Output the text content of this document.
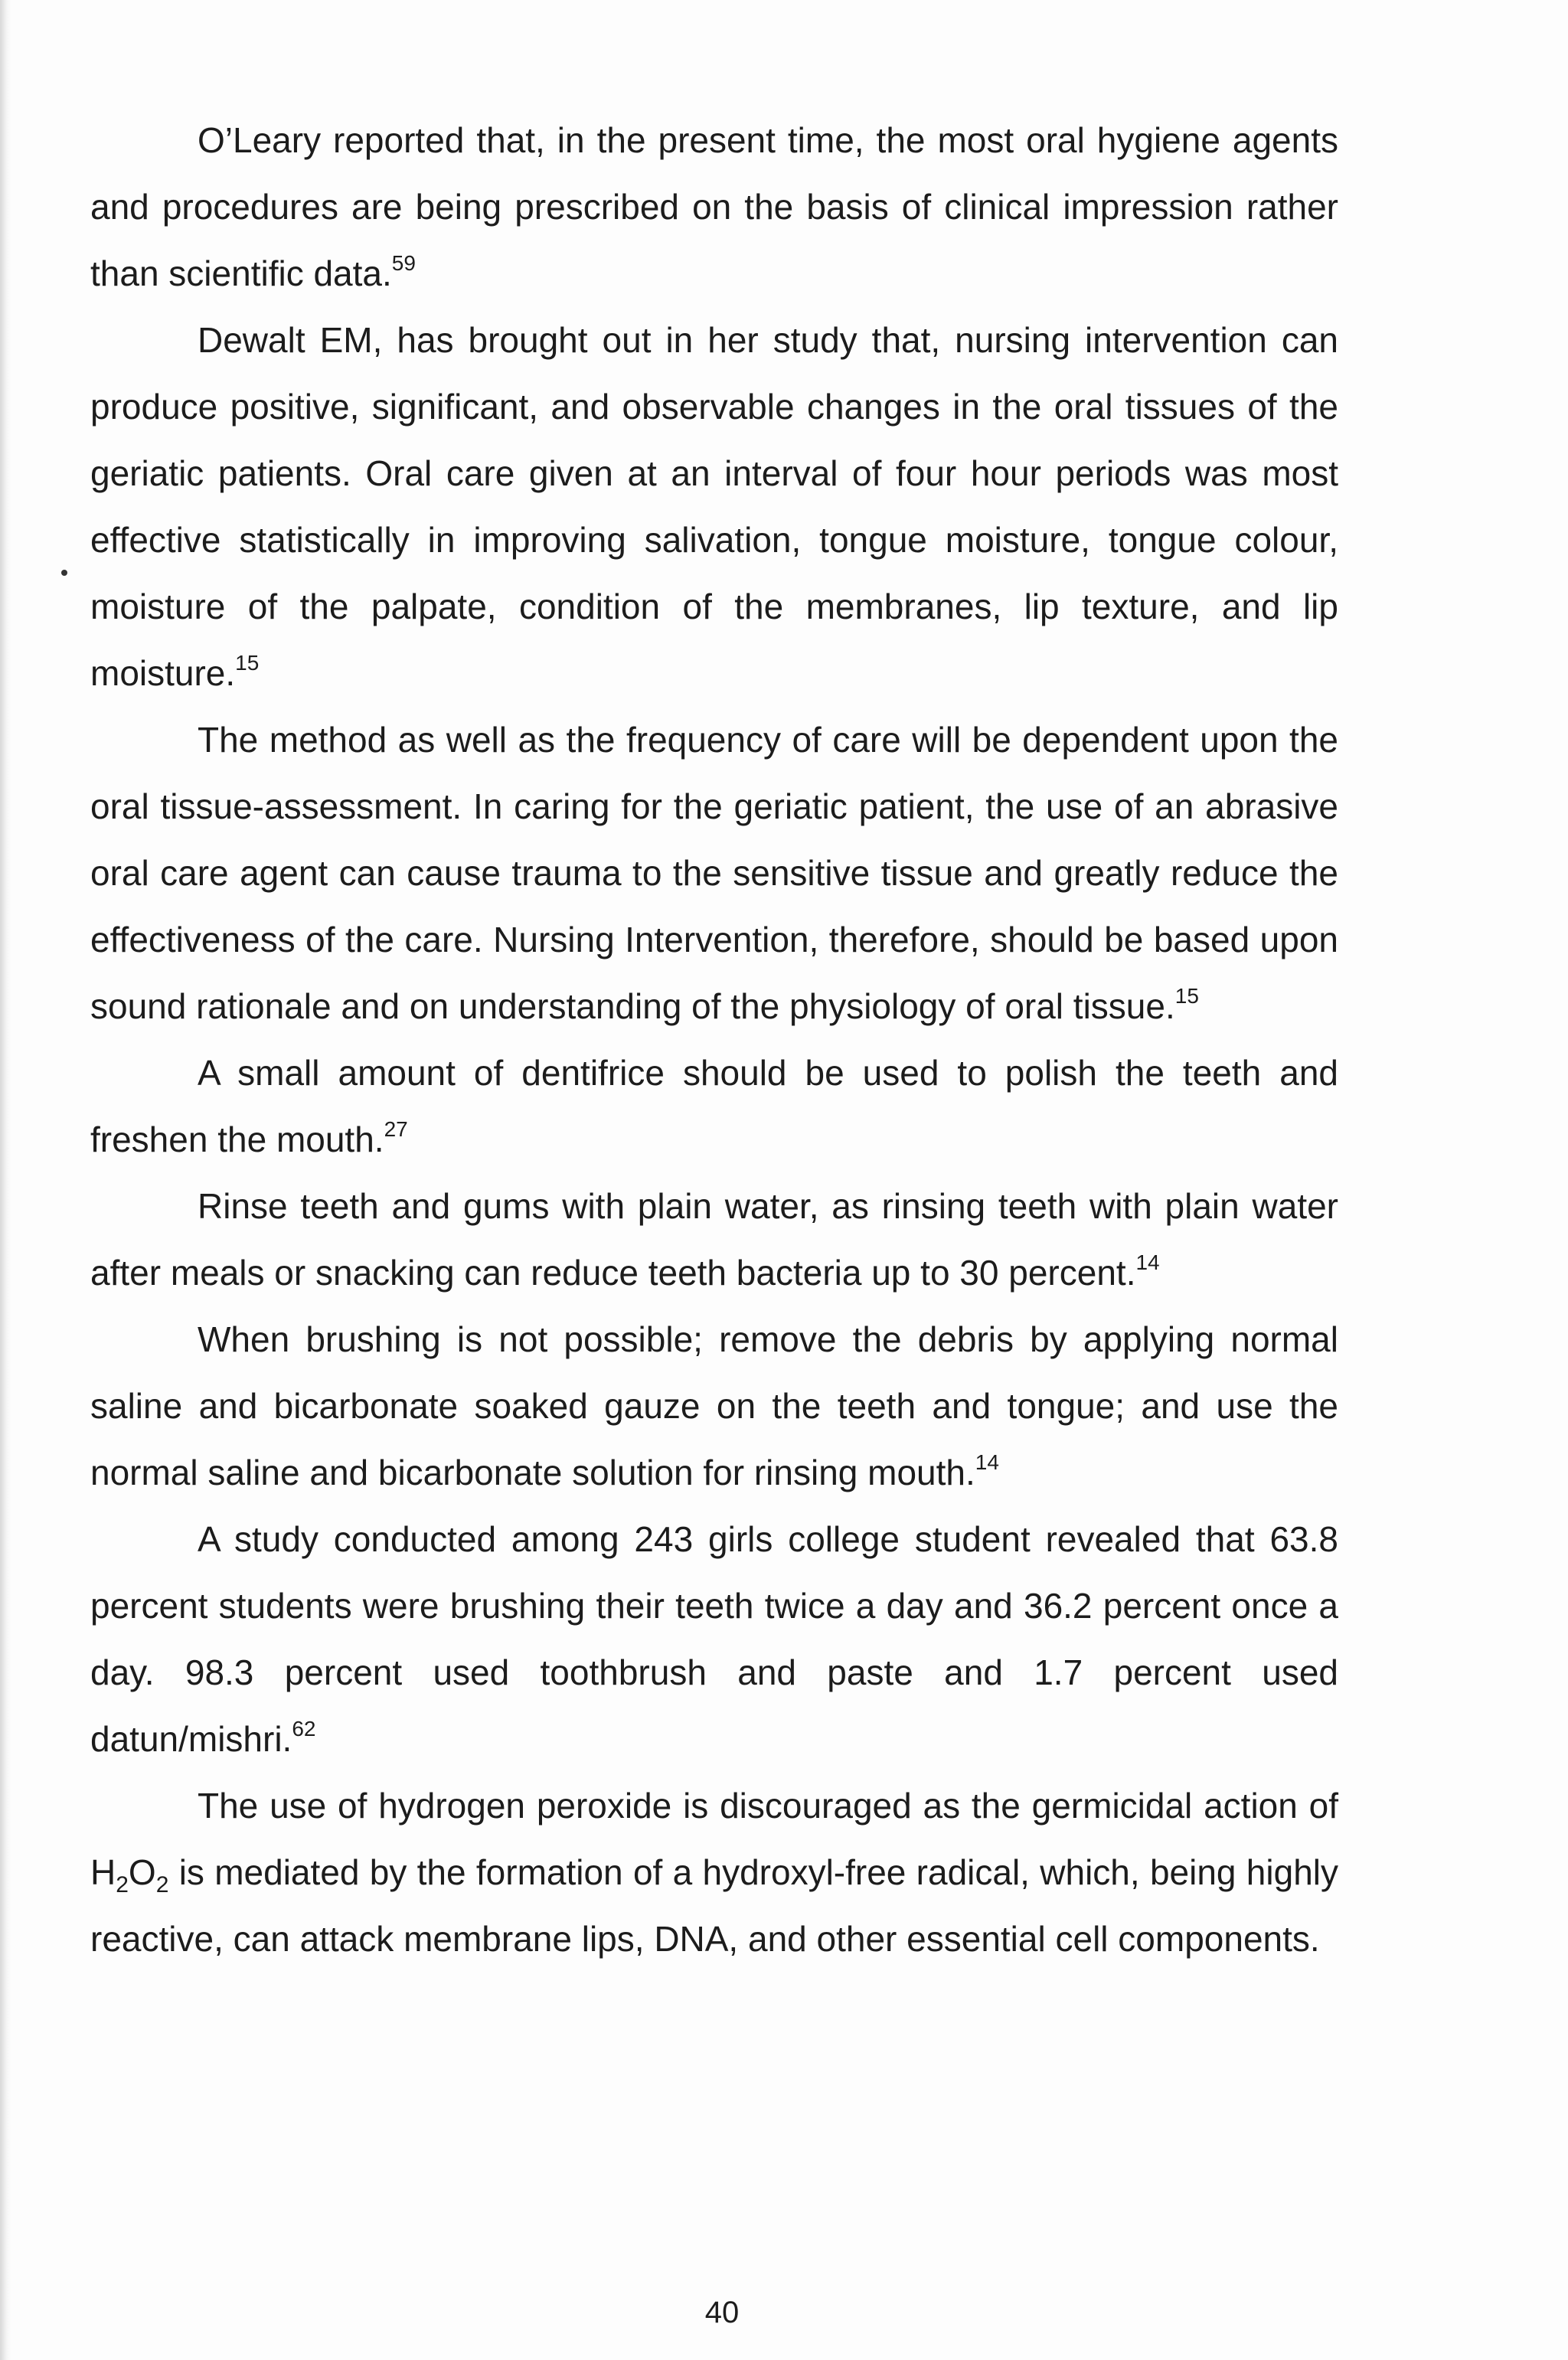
O’Leary reported that, in the present time, the most oral hygiene agents and procedures are being prescribed on the basis of clinical impression rather than scientific data.$^{59}$

Dewalt EM, has brought out in her study that, nursing intervention can produce positive, significant, and observable changes in the oral tissues of the geriatic patients. Oral care given at an interval of four hour periods was most effective statistically in improving salivation, tongue moisture, tongue colour, moisture of the palpate, condition of the membranes, lip texture, and lip moisture.$^{15}$

The method as well as the frequency of care will be dependent upon the oral tissue-assessment. In caring for the geriatic patient, the use of an abrasive oral care agent can cause trauma to the sensitive tissue and greatly reduce the effectiveness of the care. Nursing Intervention, therefore, should be based upon sound rationale and on understanding of the physiology of oral tissue.$^{15}$

A small amount of dentifrice should be used to polish the teeth and freshen the mouth.$^{27}$

Rinse teeth and gums with plain water, as rinsing teeth with plain water after meals or snacking can reduce teeth bacteria up to 30 percent.$^{14}$

When brushing is not possible; remove the debris by applying normal saline and bicarbonate soaked gauze on the teeth and tongue; and use the normal saline and bicarbonate solution for rinsing mouth.$^{14}$

A study conducted among 243 girls college student revealed that 63.8 percent students were brushing their teeth twice a day and 36.2 percent once a day. 98.3 percent used toothbrush and paste and 1.7 percent used datun/mishri.$^{62}$

The use of hydrogen peroxide is discouraged as the germicidal action of $H_2O_2$ is mediated by the formation of a hydroxyl-free radical, which, being highly reactive, can attack membrane lips, DNA, and other essential cell components.

40
